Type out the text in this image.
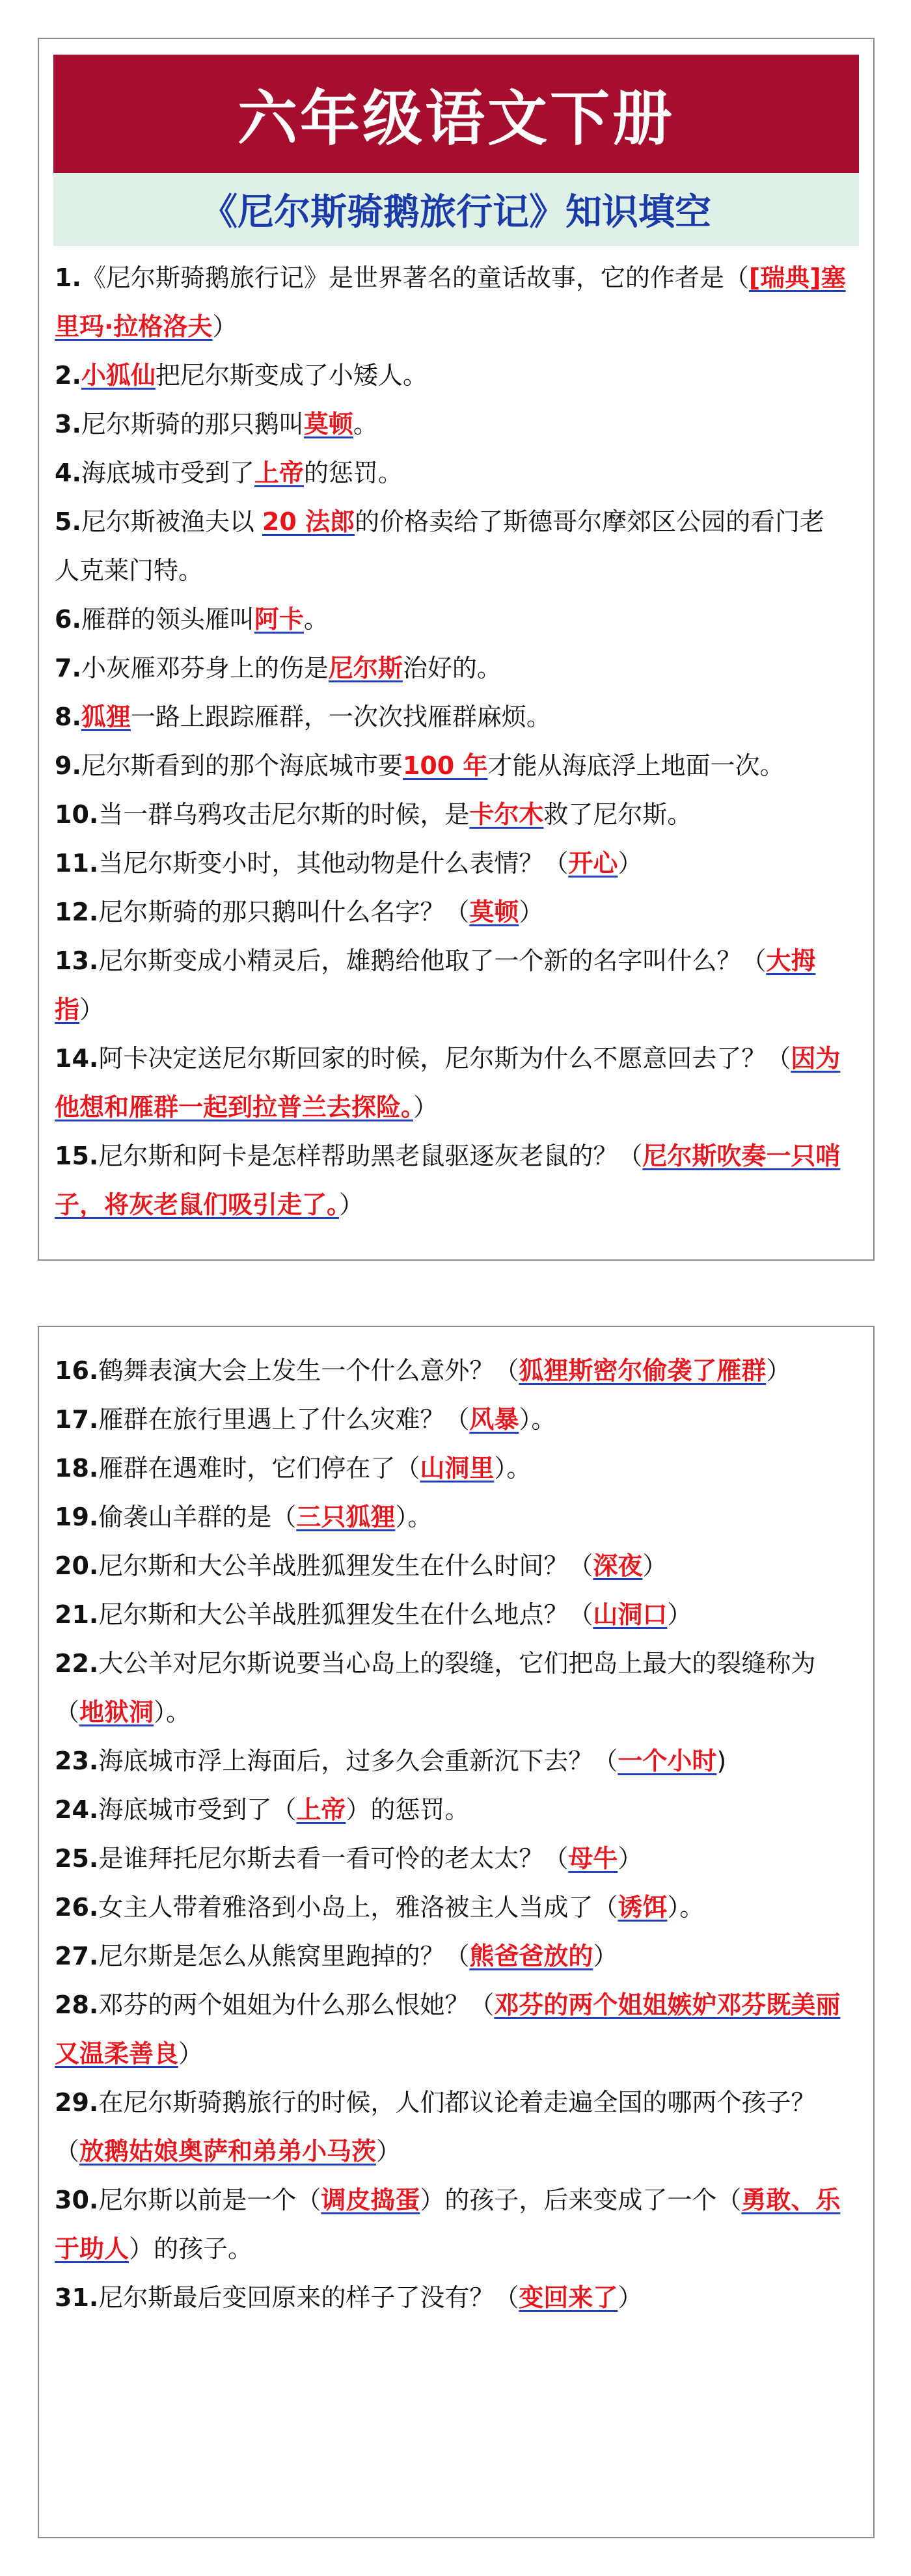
六年级语文下册
《尼尔斯骑鹅旅行记》知识填空

1.《尼尔斯骑鹅旅行记》是世界著名的童话故事，它的作者是（[瑞典]塞里玛·拉格洛夫）

2.小狐仙把尼尔斯变成了小矮人。

3.尼尔斯骑的那只鹅叫莫顿。

4.海底城市受到了上帝的惩罚。

5.尼尔斯被渔夫以 20 法郎的价格卖给了斯德哥尔摩郊区公园的看门老人克莱门特。

6.雁群的领头雁叫阿卡。

7.小灰雁邓芬身上的伤是尼尔斯治好的。

8.狐狸一路上跟踪雁群，一次次找雁群麻烦。

9.尼尔斯看到的那个海底城市要100 年才能从海底浮上地面一次。

10.当一群乌鸦攻击尼尔斯的时候，是卡尔木救了尼尔斯。

11.当尼尔斯变小时，其他动物是什么表情？（开心）

12.尼尔斯骑的那只鹅叫什么名字？（莫顿）

13.尼尔斯变成小精灵后，雄鹅给他取了一个新的名字叫什么？（大拇指）

14.阿卡决定送尼尔斯回家的时候，尼尔斯为什么不愿意回去了？（因为他想和雁群一起到拉普兰去探险。）

15.尼尔斯和阿卡是怎样帮助黑老鼠驱逐灰老鼠的？（尼尔斯吹奏一只哨子，将灰老鼠们吸引走了。）

16.鹤舞表演大会上发生一个什么意外？（狐狸斯密尔偷袭了雁群）

17.雁群在旅行里遇上了什么灾难？（风暴）。

18.雁群在遇难时，它们停在了（山洞里）。

19.偷袭山羊群的是（三只狐狸）。

20.尼尔斯和大公羊战胜狐狸发生在什么时间？（深夜）

21.尼尔斯和大公羊战胜狐狸发生在什么地点？（山洞口）

22.大公羊对尼尔斯说要当心岛上的裂缝，它们把岛上最大的裂缝称为（地狱洞）。

23.海底城市浮上海面后，过多久会重新沉下去？（一个小时)

24.海底城市受到了（上帝）的惩罚。

25.是谁拜托尼尔斯去看一看可怜的老太太？（母牛）

26.女主人带着雅洛到小岛上，雅洛被主人当成了（诱饵）。

27.尼尔斯是怎么从熊窝里跑掉的？（熊爸爸放的）

28.邓芬的两个姐姐为什么那么恨她？（邓芬的两个姐姐嫉妒邓芬既美丽又温柔善良）

29.在尼尔斯骑鹅旅行的时候，人们都议论着走遍全国的哪两个孩子？
（放鹅姑娘奥萨和弟弟小马茨）

30.尼尔斯以前是一个（调皮捣蛋）的孩子，后来变成了一个（勇敢、乐于助人）的孩子。

31.尼尔斯最后变回原来的样子了没有？（变回来了）
